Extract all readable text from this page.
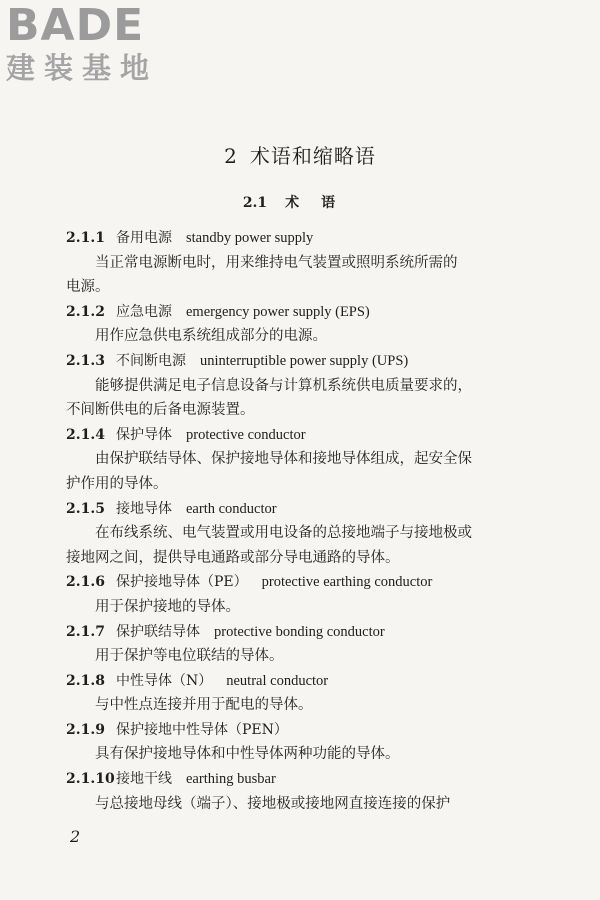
BADE
建装基地
2 术语和缩略语
2.1 术语
2.1.1 备用电源 standby power supply
当正常电源断电时，用来维持电气装置或照明系统所需的
电源。
2.1.2 应急电源 emergency power supply (EPS)
用作应急供电系统组成部分的电源。
2.1.3 不间断电源 uninterruptible power supply (UPS)
能够提供满足电子信息设备与计算机系统供电质量要求的，
不间断供电的后备电源装置。
2.1.4 保护导体 protective conductor
由保护联结导体、保护接地导体和接地导体组成，起安全保
护作用的导体。
2.1.5 接地导体 earth conductor
在布线系统、电气装置或用电设备的总接地端子与接地极或
接地网之间，提供导电通路或部分导电通路的导体。
2.1.6 保护接地导体（PE） protective earthing conductor
用于保护接地的导体。
2.1.7 保护联结导体 protective bonding conductor
用于保护等电位联结的导体。
2.1.8 中性导体（N） neutral conductor
与中性点连接并用于配电的导体。
2.1.9 保护接地中性导体（PEN）
具有保护接地导体和中性导体两种功能的导体。
2.1.10接地干线 earthing busbar
与总接地母线（端子）、接地极或接地网直接连接的保护
2
